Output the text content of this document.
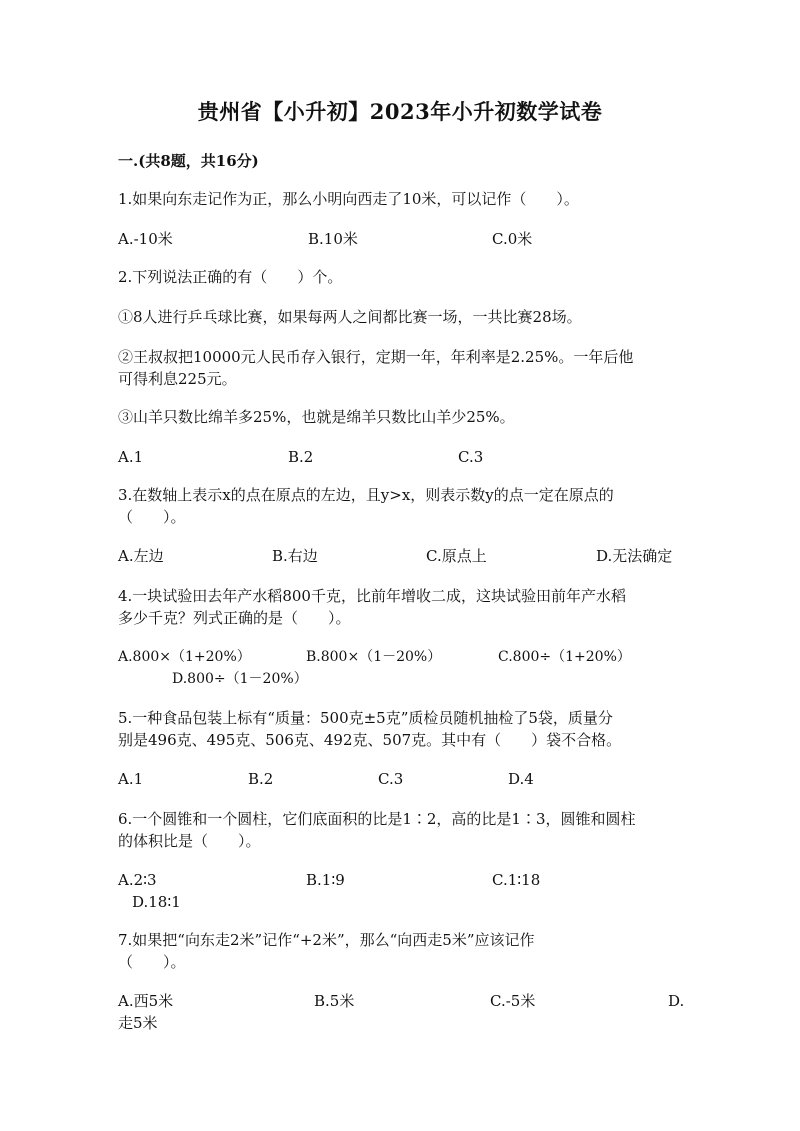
贵州省【小升初】2023年小升初数学试卷
一.(共8题，共16分)
1.如果向东走记作为正，那么小明向西走了10米，可以记作（　　）。
A.-10米	B.10米	C.0米
2.下列说法正确的有（　　）个。
①8人进行乒乓球比赛，如果每两人之间都比赛一场，一共比赛28场。
②王叔叔把10000元人民币存入银行，定期一年，年利率是2.25%。一年后他
可得利息225元。
③山羊只数比绵羊多25%，也就是绵羊只数比山羊少25%。
A.1	B.2	C.3
3.在数轴上表示x的点在原点的左边，且y>x，则表示数y的点一定在原点的
（　　）。
A.左边	B.右边	C.原点上	D.无法确定
4.一块试验田去年产水稻800千克，比前年增收二成，这块试验田前年产水稻
多少千克？列式正确的是（　　）。
A.800×（1+20%）	B.800×（1－20%）	C.800÷（1+20%）
D.800÷（1－20%）
5.一种食品包装上标有“质量：500克±5克”质检员随机抽检了5袋，质量分
别是496克、495克、506克、492克、507克。其中有（　　）袋不合格。
A.1	B.2	C.3	D.4
6.一个圆锥和一个圆柱，它们底面积的比是1∶2，高的比是1∶3，圆锥和圆柱
的体积比是（　　）。
A.2∶3	B.1∶9	C.1∶18
D.18∶1
7.如果把“向东走2米”记作“+2米”，那么“向西走5米”应该记作
（　　）。
A.西5米	B.5米	C.-5米	D.
走5米
